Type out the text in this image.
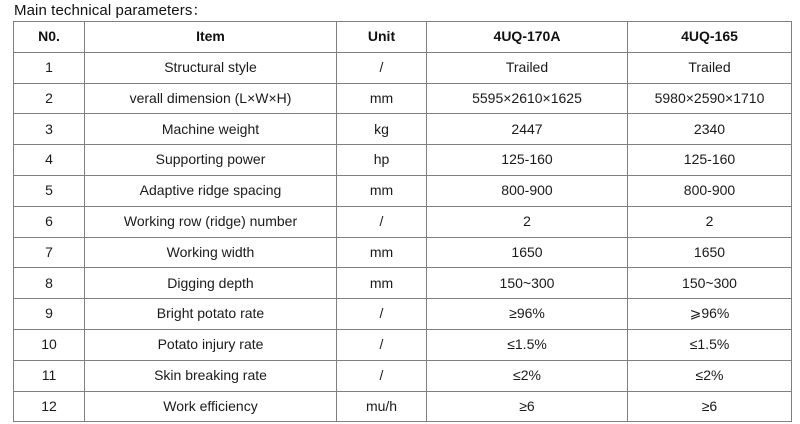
Main technical parameters：
N0.	Item	Unit	4UQ-170A	4UQ-165
1	Structural style	/	Trailed	Trailed
2	verall dimension (L×W×H)	mm	5595×2610×1625	5980×2590×1710
3	Machine weight	kg	2447	2340
4	Supporting power	hp	125-160	125-160
5	Adaptive ridge spacing	mm	800-900	800-900
6	Working row (ridge) number	/	2	2
7	Working width	mm	1650	1650
8	Digging depth	mm	150~300	150~300
9	Bright potato rate	/	≥96%	⩾96%
10	Potato injury rate	/	≤1.5%	≤1.5%
11	Skin breaking rate	/	≤2%	≤2%
12	Work efficiency	mu/h	≥6	≥6
